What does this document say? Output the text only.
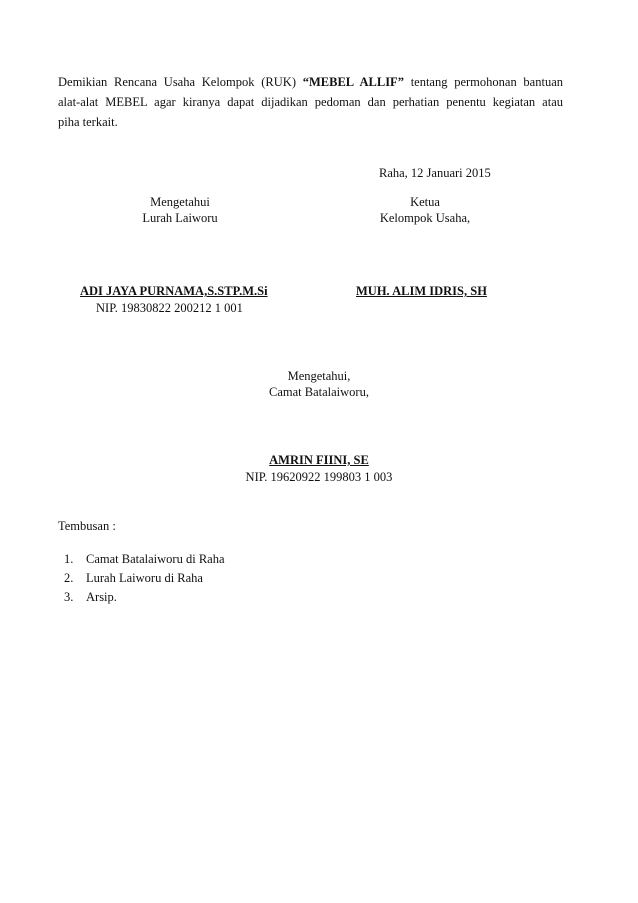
Demikian Rencana Usaha Kelompok (RUK) “MEBEL ALLIF” tentang permohonan bantuan
alat-alat MEBEL agar kiranya dapat dijadikan pedoman dan perhatian penentu kegiatan atau
piha terkait.
Raha, 12 Januari 2015
Mengetahui
Lurah Laiworu
Ketua
Kelompok Usaha,
ADI JAYA PURNAMA,S.STP.M.Si
NIP. 19830822 200212 1 001
MUH. ALIM IDRIS, SH
Mengetahui,
Camat Batalaiworu,
AMRIN FIINI, SE
NIP. 19620922 199803 1 003
Tembusan :
1. Camat Batalaiworu di Raha
2. Lurah Laiworu di Raha
3. Arsip.
